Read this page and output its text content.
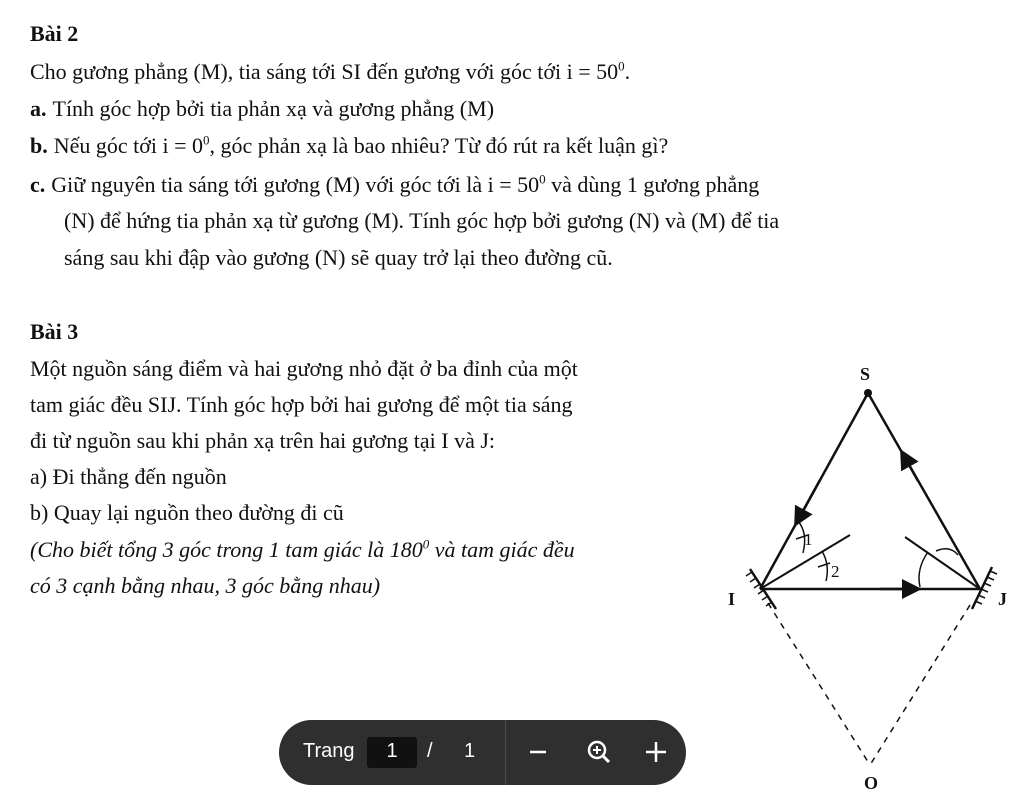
Bài 2
Cho gương phẳng (M), tia sáng tới SI đến gương với góc tới $i = 50^0$.
a. Tính góc hợp bởi tia phản xạ và gương phẳng (M)
b. Nếu góc tới $i = 0^0$, góc phản xạ là bao nhiêu? Từ đó rút ra kết luận gì?
c. Giữ nguyên tia sáng tới gương (M) với góc tới là $i = 50^0$ và dùng 1 gương phẳng
(N) để hứng tia phản xạ từ gương (M). Tính góc hợp bởi gương (N) và (M) để tia
sáng sau khi đập vào gương (N) sẽ quay trở lại theo đường cũ.
Bài 3
Một nguồn sáng điểm và hai gương nhỏ đặt ở ba đỉnh của một
tam giác đều SIJ. Tính góc hợp bởi hai gương để một tia sáng
đi từ nguồn sau khi phản xạ trên hai gương tại I và J:
a) Đi thẳng đến nguồn
b) Quay lại nguồn theo đường đi cũ
(Cho biết tổng 3 góc trong 1 tam giác là $180^0$ và tam giác đều
có 3 cạnh bằng nhau, 3 góc bằng nhau)
S
I	J
O
1
2
Trang	1	/ 1
